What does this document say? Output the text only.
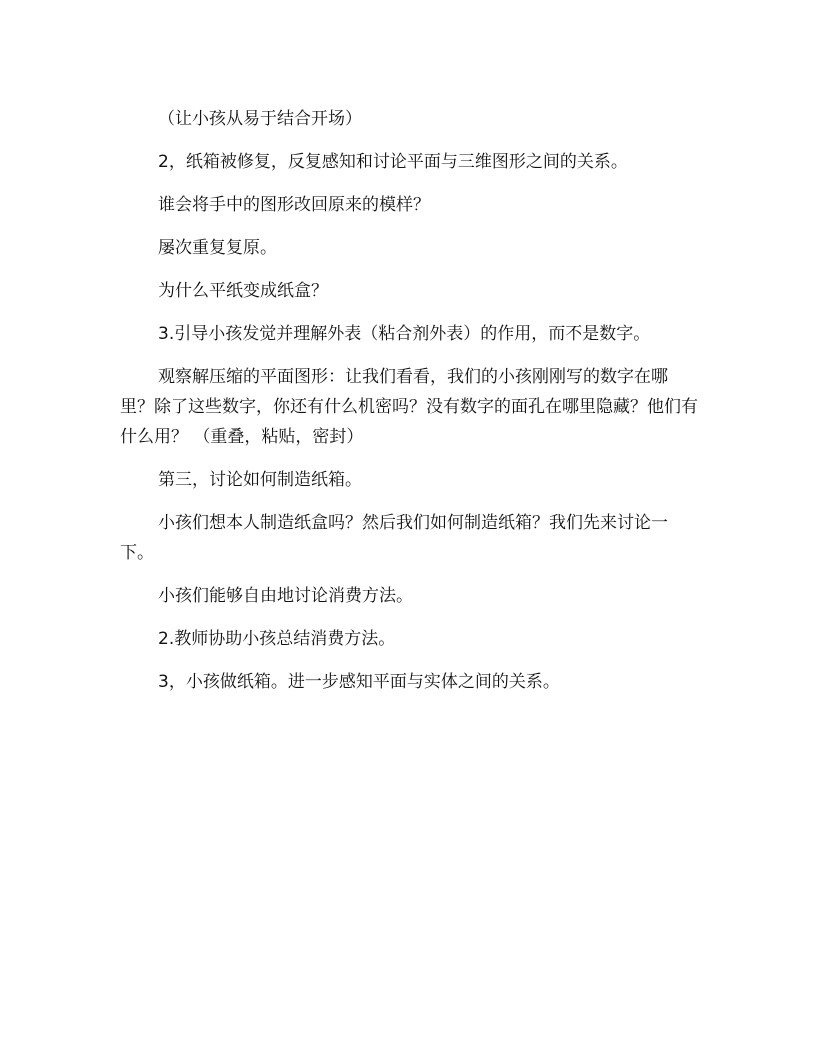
（让小孩从易于结合开场）

2，纸箱被修复，反复感知和讨论平面与三维图形之间的关系。

谁会将手中的图形改回原来的模样？

屡次重复复原。

为什么平纸变成纸盒？

3.引导小孩发觉并理解外表（粘合剂外表）的作用，而不是数字。

观察解压缩的平面图形：让我们看看，我们的小孩刚刚写的数字在哪里？除了这些数字，你还有什么机密吗？没有数字的面孔在哪里隐藏？他们有什么用？ （重叠，粘贴，密封）

第三，讨论如何制造纸箱。

小孩们想本人制造纸盒吗？然后我们如何制造纸箱？我们先来讨论一下。

小孩们能够自由地讨论消费方法。

2.教师协助小孩总结消费方法。

3，小孩做纸箱。进一步感知平面与实体之间的关系。
